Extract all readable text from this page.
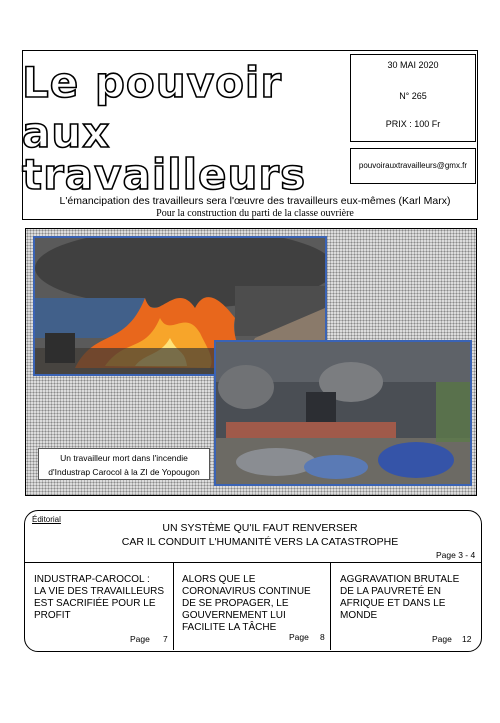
Le pouvoir
aux
travailleurs
30 MAI 2020
N° 265
PRIX : 100 Fr
pouvoirauxtravailleurs@gmx.fr
L'émancipation des travailleurs sera l'œuvre des travailleurs eux-mêmes (Karl Marx)
Pour la construction du parti de la classe ouvrière
Un travailleur mort dans l'incendie
d'Industrap Carocol à la ZI de Yopougon
Éditorial
UN SYSTÈME QU'IL FAUT RENVERSER
CAR IL CONDUIT L'HUMANITÉ VERS LA CATASTROPHE
Page 3 - 4
INDUSTRAP-CAROCOL :
LA VIE DES TRAVAILLEURS
EST SACRIFIÉE POUR LE
PROFIT
Page 7
ALORS QUE LE
CORONAVIRUS CONTINUE
DE SE PROPAGER, LE
GOUVERNEMENT LUI
FACILITE LA TÂCHE
Page 8
AGGRAVATION BRUTALE
DE LA PAUVRETÉ EN
AFRIQUE ET DANS LE
MONDE
Page 12
